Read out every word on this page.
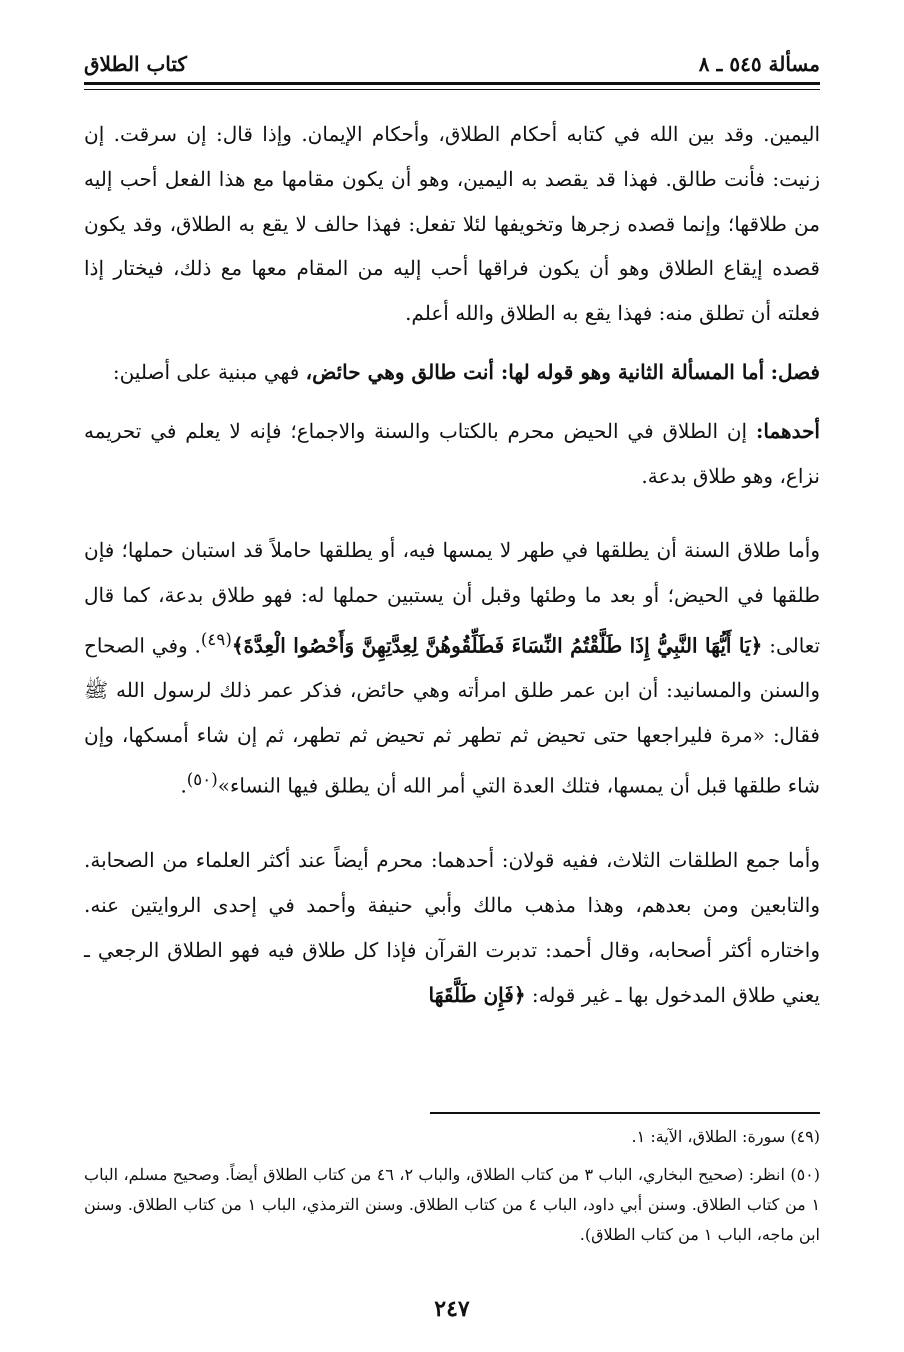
كتاب الطلاق	مسألة ٥٤٥ ـ ٨

اليمين. وقد بين الله في كتابه أحكام الطلاق، وأحكام الإيمان. وإذا قال: إن سرقت. إن زنيت: فأنت طالق. فهذا قد يقصد به اليمين، وهو أن يكون مقامها مع هذا الفعل أحب إليه من طلاقها؛ وإنما قصده زجرها وتخويفها لئلا تفعل: فهذا حالف لا يقع به الطلاق، وقد يكون قصده إيقاع الطلاق وهو أن يكون فراقها أحب إليه من المقام معها مع ذلك، فيختار إذا فعلته أن تطلق منه: فهذا يقع به الطلاق والله أعلم.

فصل: أما المسألة الثانية وهو قوله لها: أنت طالق وهي حائض، فهي مبنية على أصلين:

أحدهما: إن الطلاق في الحيض محرم بالكتاب والسنة والاجماع؛ فإنه لا يعلم في تحريمه نزاع، وهو طلاق بدعة.

وأما طلاق السنة أن يطلقها في طهر لا يمسها فيه، أو يطلقها حاملاً قد استبان حملها؛ فإن طلقها في الحيض؛ أو بعد ما وطئها وقبل أن يستبين حملها له: فهو طلاق بدعة، كما قال تعالى: ﴿يَا أَيُّهَا النَّبِيُّ إِذَا طَلَّقْتُمُ النِّسَاءَ فَطَلِّقُوهُنَّ لِعِدَّتِهِنَّ وَأَحْصُوا الْعِدَّةَ﴾$^{(٤٩)}$. وفي الصحاح والسنن والمسانيد: أن ابن عمر طلق امرأته وهي حائض، فذكر عمر ذلك لرسول الله ﷺ فقال: «مرة فليراجعها حتى تحيض ثم تطهر ثم تحيض ثم تطهر، ثم إن شاء أمسكها، وإن شاء طلقها قبل أن يمسها، فتلك العدة التي أمر الله أن يطلق فيها النساء»$^{(٥٠)}$.

وأما جمع الطلقات الثلاث، ففيه قولان: أحدهما: محرم أيضاً عند أكثر العلماء من الصحابة. والتابعين ومن بعدهم، وهذا مذهب مالك وأبي حنيفة وأحمد في إحدى الروايتين عنه. واختاره أكثر أصحابه، وقال أحمد: تدبرت القرآن فإذا كل طلاق فيه فهو الطلاق الرجعي ـ يعني طلاق المدخول بها ـ غير قوله: ﴿فَإِن طَلَّقَهَا

(٤٩) سورة: الطلاق، الآية: ١.

(٥٠) انظر: (صحيح البخاري، الباب ٣ من كتاب الطلاق، والباب ٢، ٤٦ من كتاب الطلاق أيضاً. وصحيح مسلم، الباب ١ من كتاب الطلاق. وسنن أبي داود، الباب ٤ من كتاب الطلاق. وسنن الترمذي، الباب ١ من كتاب الطلاق. وسنن ابن ماجه، الباب ١ من كتاب الطلاق).

٢٤٧
